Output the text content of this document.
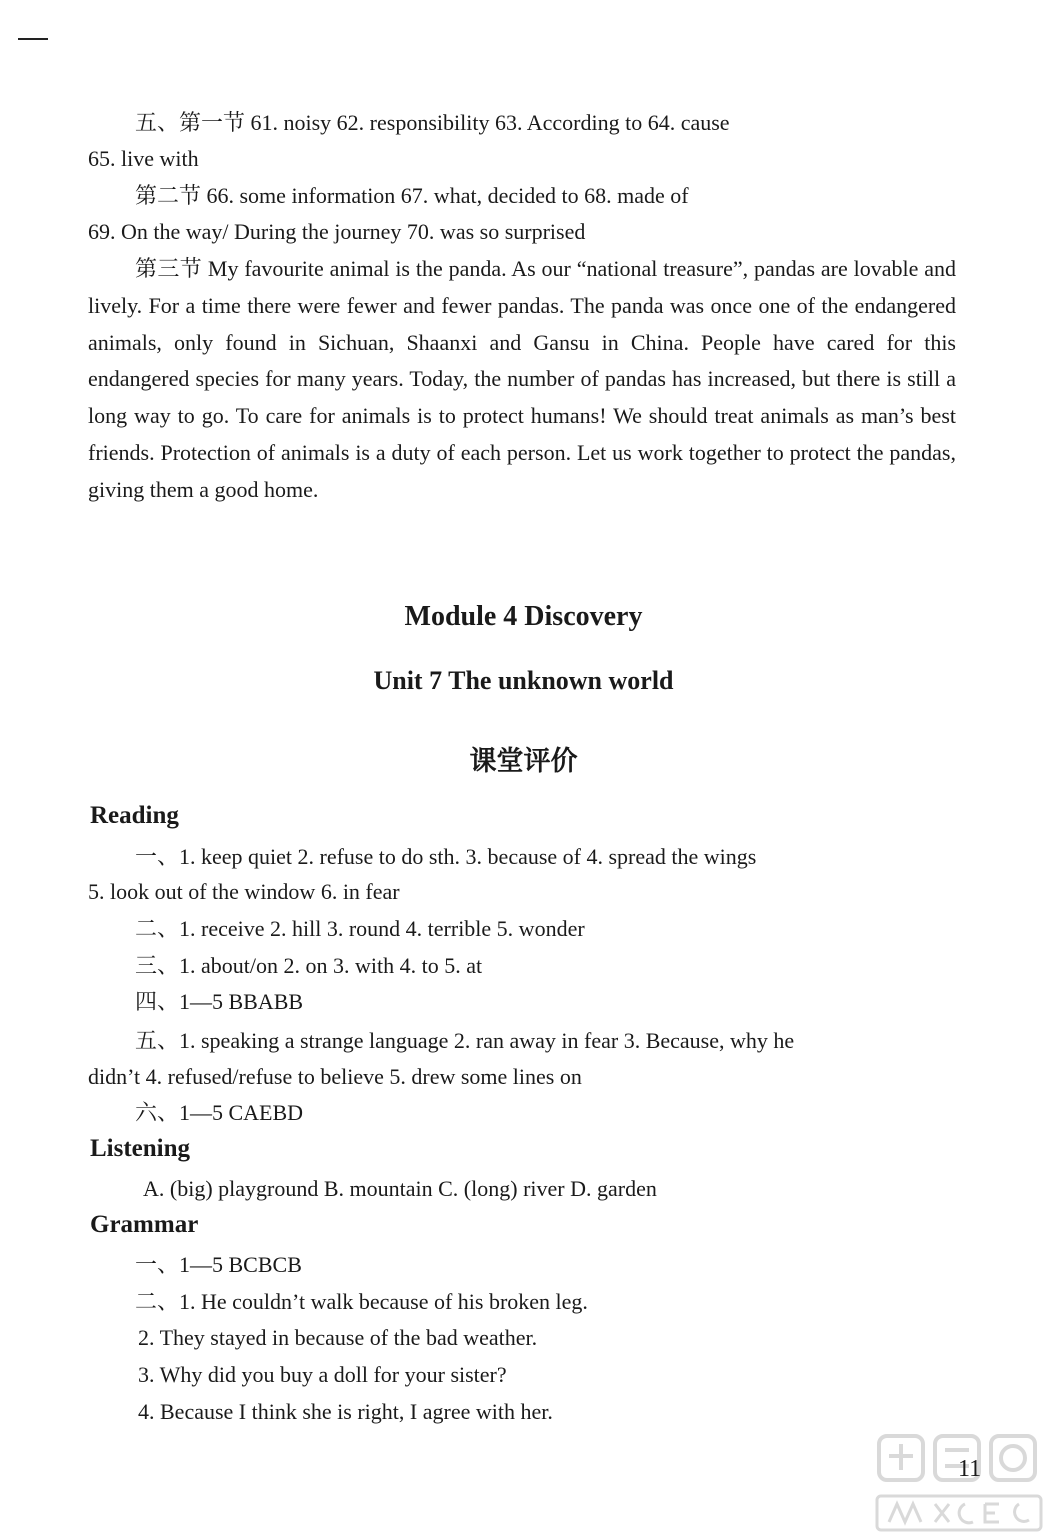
五、第一节 61. noisy 62. responsibility 63. According to 64. cause
65. live with
第二节 66. some information 67. what, decided to 68. made of
69. On the way/ During the journey 70. was so surprised
第三节 My favourite animal is the panda. As our “national treasure”, pandas are lovable and lively. For a time there were fewer and fewer pandas. The panda was once one of the endangered animals, only found in Sichuan, Shaanxi and Gansu in China. People have cared for this endangered species for many years. Today, the number of pandas has increased, but there is still a long way to go. To care for animals is to protect humans! We should treat animals as man’s best friends. Protection of animals is a duty of each person. Let us work together to protect the pandas, giving them a good home.
Module 4 Discovery
Unit 7 The unknown world
课堂评价
Reading
一、1. keep quiet 2. refuse to do sth. 3. because of 4. spread the wings
5. look out of the window 6. in fear
二、1. receive 2. hill 3. round 4. terrible 5. wonder
三、1. about/on 2. on 3. with 4. to 5. at
四、1—5 BBABB
五、1. speaking a strange language 2. ran away in fear 3. Because, why he
didn’t 4. refused/refuse to believe 5. drew some lines on
六、1—5 CAEBD
Listening
A. (big) playground B. mountain C. (long) river D. garden
Grammar
一、1—5 BCBCB
二、1. He couldn’t walk because of his broken leg.
2. They stayed in because of the bad weather.
3. Why did you buy a doll for your sister?
4. Because I think she is right, I agree with her.
11
